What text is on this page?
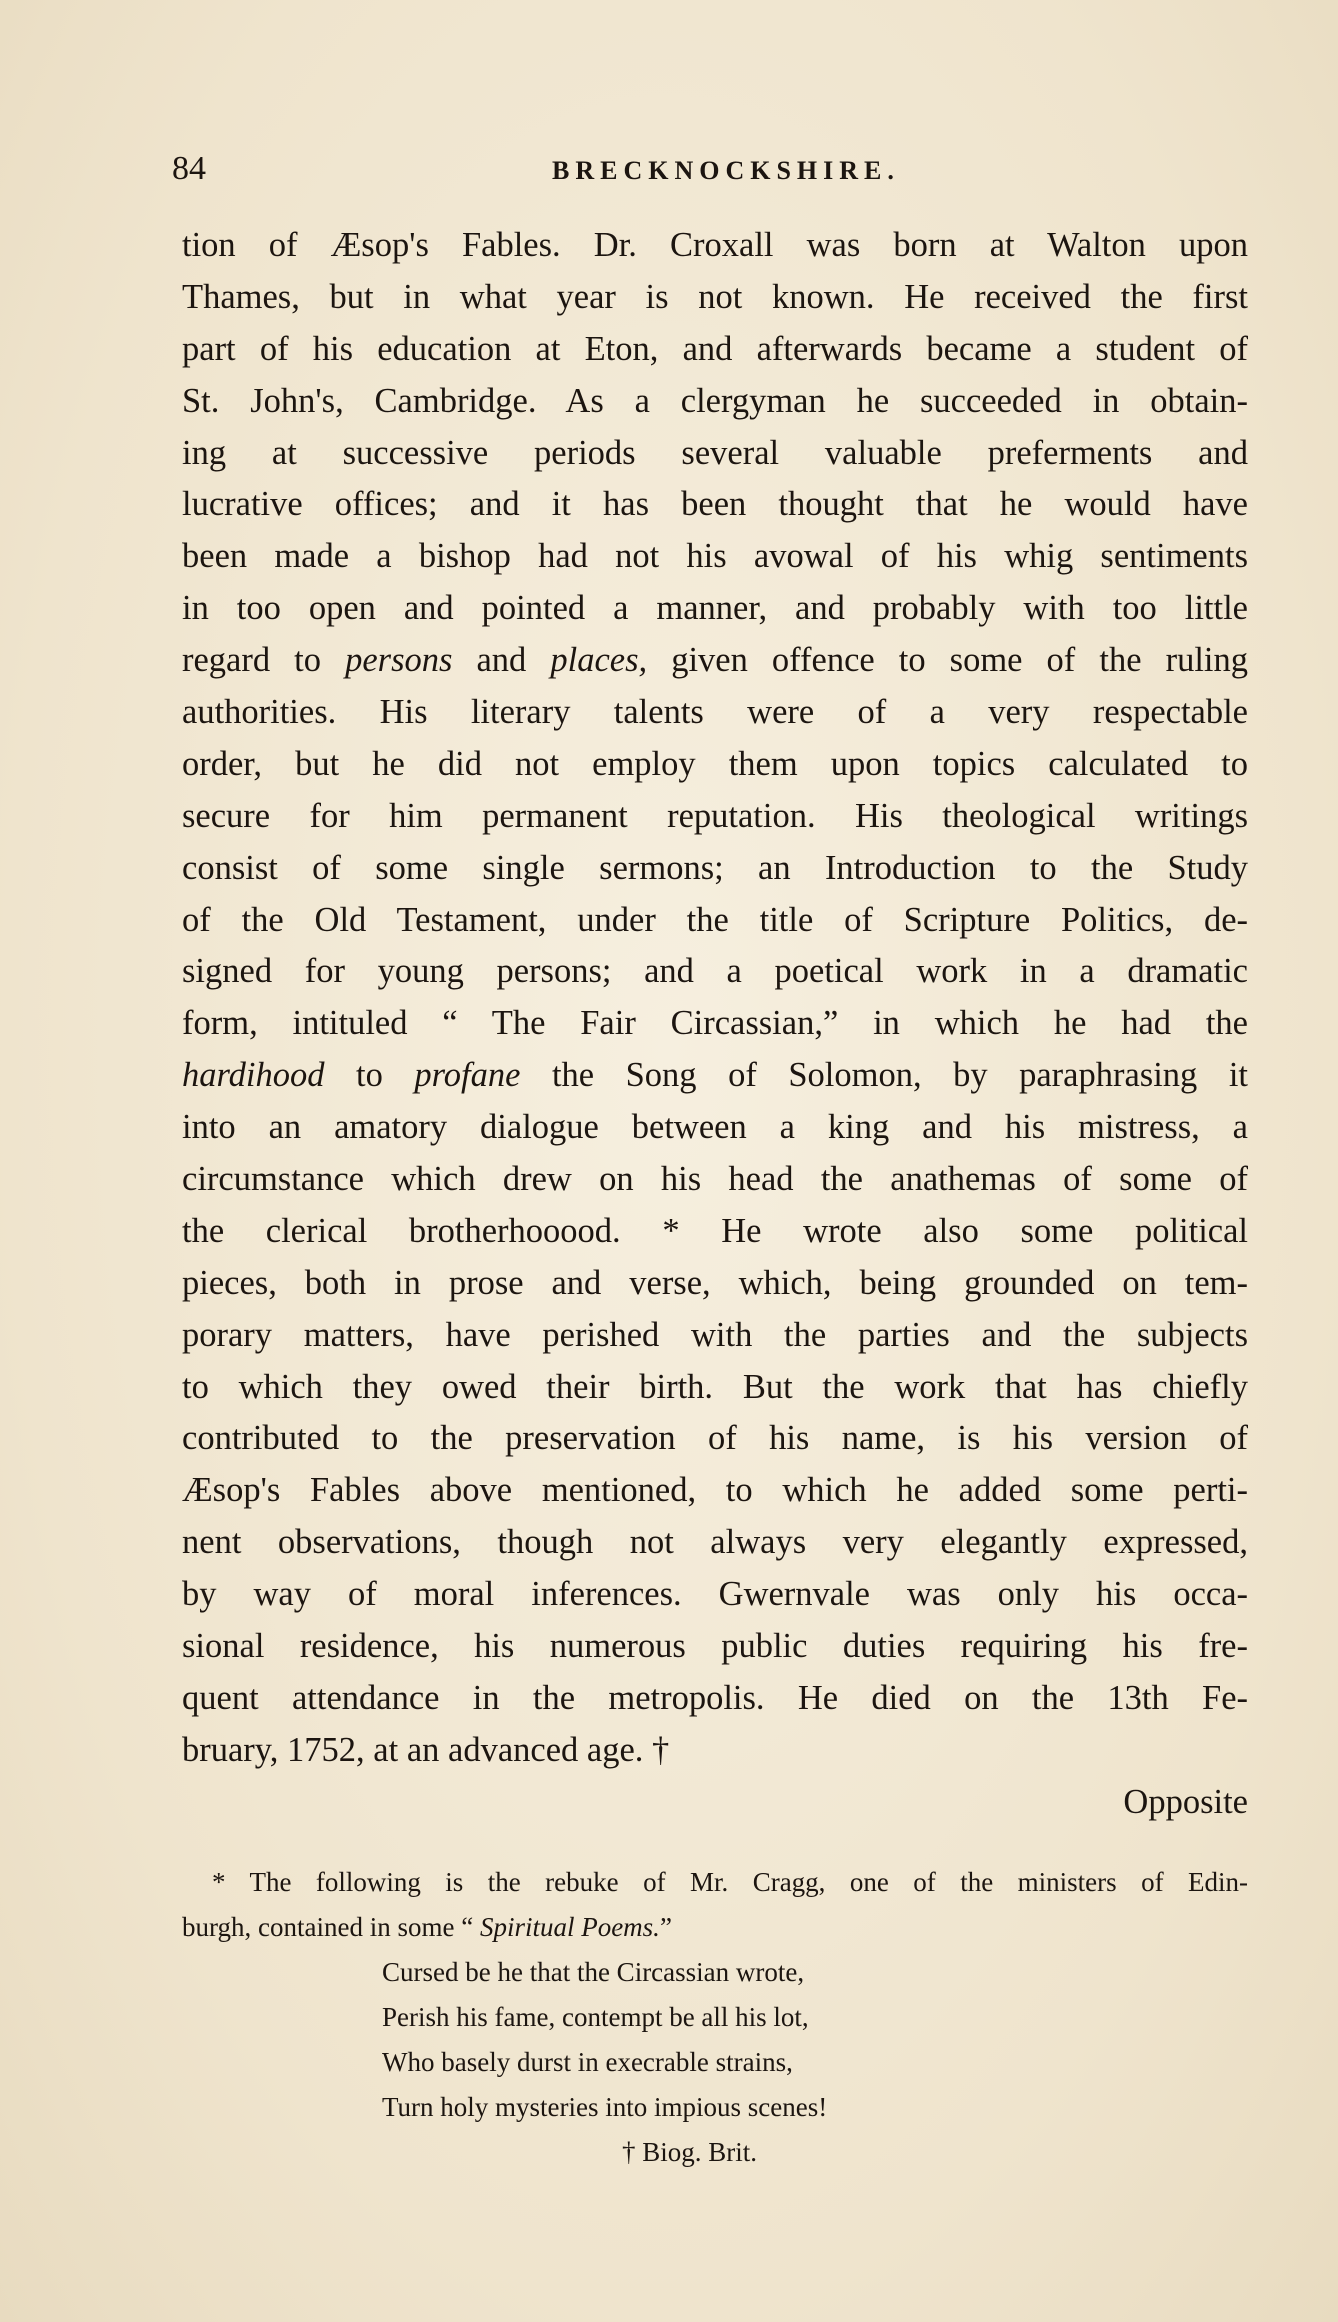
84	BRECKNOCKSHIRE.
tion of Æsop's Fables. Dr. Croxall was born at Walton upon
Thames, but in what year is not known. He received the first
part of his education at Eton, and afterwards became a student of
St. John's, Cambridge. As a clergyman he succeeded in obtain-
ing at successive periods several valuable preferments and
lucrative offices; and it has been thought that he would have
been made a bishop had not his avowal of his whig sentiments
in too open and pointed a manner, and probably with too little
regard to persons and places, given offence to some of the ruling
authorities. His literary talents were of a very respectable
order, but he did not employ them upon topics calculated to
secure for him permanent reputation. His theological writings
consist of some single sermons; an Introduction to the Study
of the Old Testament, under the title of Scripture Politics, de-
signed for young persons; and a poetical work in a dramatic
form, intituled “ The Fair Circassian,” in which he had the
hardihood to profane the Song of Solomon, by paraphrasing it
into an amatory dialogue between a king and his mistress, a
circumstance which drew on his head the anathemas of some of
the clerical brotherhooood. * He wrote also some political
pieces, both in prose and verse, which, being grounded on tem-
porary matters, have perished with the parties and the subjects
to which they owed their birth. But the work that has chiefly
contributed to the preservation of his name, is his version of
Æsop's Fables above mentioned, to which he added some perti-
nent observations, though not always very elegantly expressed,
by way of moral inferences. Gwernvale was only his occa-
sional residence, his numerous public duties requiring his fre-
quent attendance in the metropolis. He died on the 13th Fe-
bruary, 1752, at an advanced age. †
Opposite
* The following is the rebuke of Mr. Cragg, one of the ministers of Edin-
burgh, contained in some “ Spiritual Poems.”
Cursed be he that the Circassian wrote,
Perish his fame, contempt be all his lot,
Who basely durst in execrable strains,
Turn holy mysteries into impious scenes!
† Biog. Brit.
